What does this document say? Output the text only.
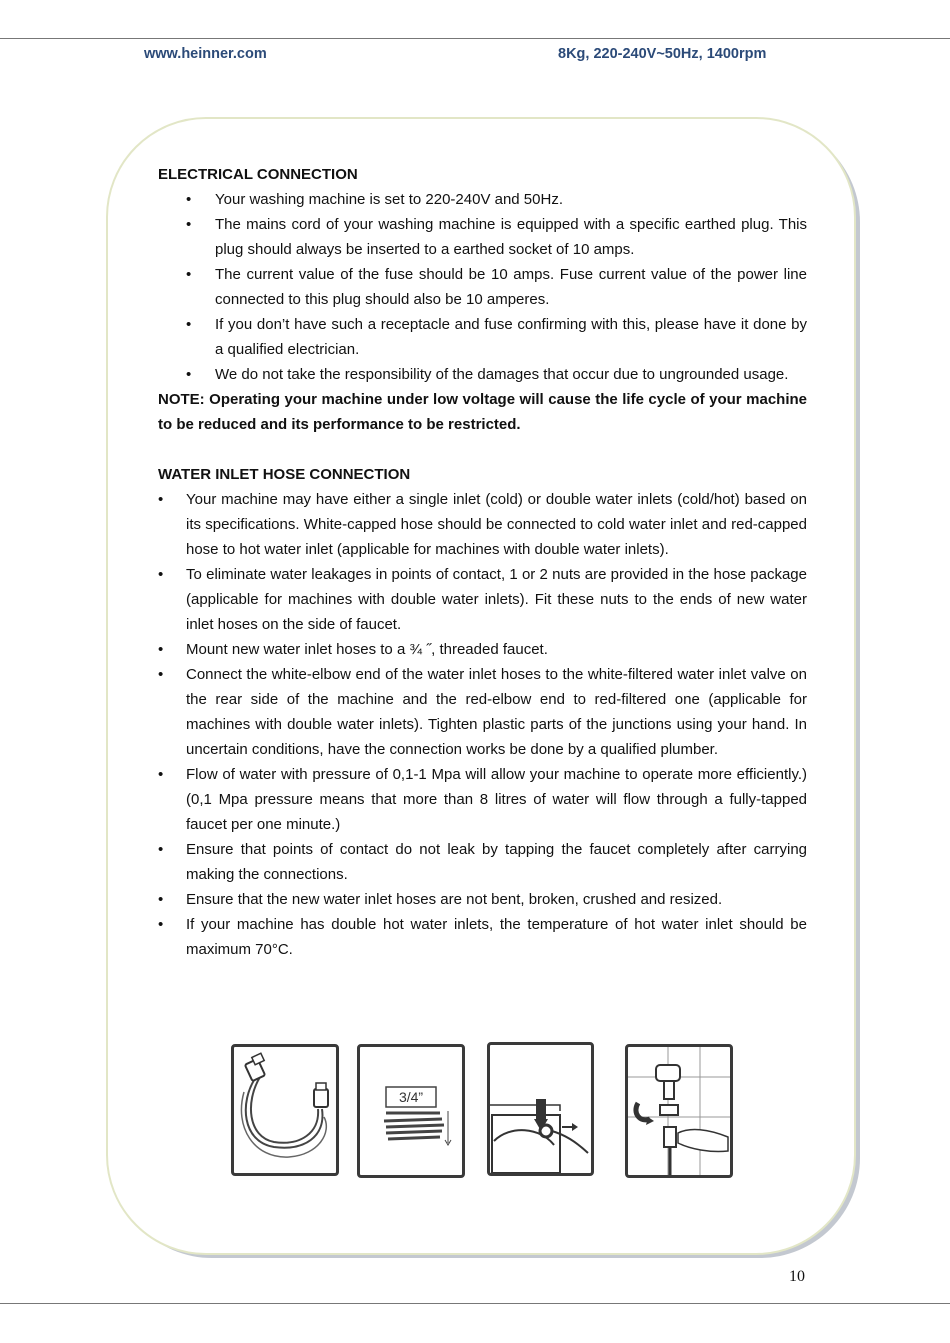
www.heinner.com	8Kg, 220-240V~50Hz, 1400rpm
ELECTRICAL CONNECTION
• Your washing machine is set to 220-240V and 50Hz.
• The mains cord of your washing machine is equipped with a specific earthed plug. This plug should always be inserted to a earthed socket of 10 amps.
• The current value of the fuse should be 10 amps. Fuse current value of the power line connected to this plug should also be 10 amperes.
• If you don’t have such a receptacle and fuse confirming with this, please have it done by a qualified electrician.
• We do not take the responsibility of the damages that occur due to ungrounded usage.
NOTE: Operating your machine under low voltage will cause the life cycle of your machine to be reduced and its performance to be restricted.
WATER INLET HOSE CONNECTION
• Your machine may have either a single inlet (cold) or double water inlets (cold/hot) based on its specifications. White-capped hose should be connected to cold water inlet and red-capped hose to hot water inlet (applicable for machines with double water inlets).
• To eliminate water leakages in points of contact, 1 or 2 nuts are provided in the hose package (applicable for machines with double water inlets). Fit these nuts to the ends of new water inlet hoses on the side of faucet.
• Mount new water inlet hoses to a ¾ ˝, threaded faucet.
• Connect the white-elbow end of the water inlet hoses to the white-filtered water inlet valve on the rear side of the machine and the red-elbow end to red-filtered one (applicable for machines with double water inlets). Tighten plastic parts of the junctions using your hand. In uncertain conditions, have the connection works be done by a qualified plumber.
• Flow of water with pressure of 0,1-1 Mpa will allow your machine to operate more efficiently.) (0,1 Mpa pressure means that more than 8 litres of water will flow through a fully-tapped faucet per one minute.)
• Ensure that points of contact do not leak by tapping the faucet completely after carrying making the connections.
• Ensure that the new water inlet hoses are not bent, broken, crushed and resized.
• If your machine has double hot water inlets, the temperature of hot water inlet should be maximum 70°C.
3/4”
10
